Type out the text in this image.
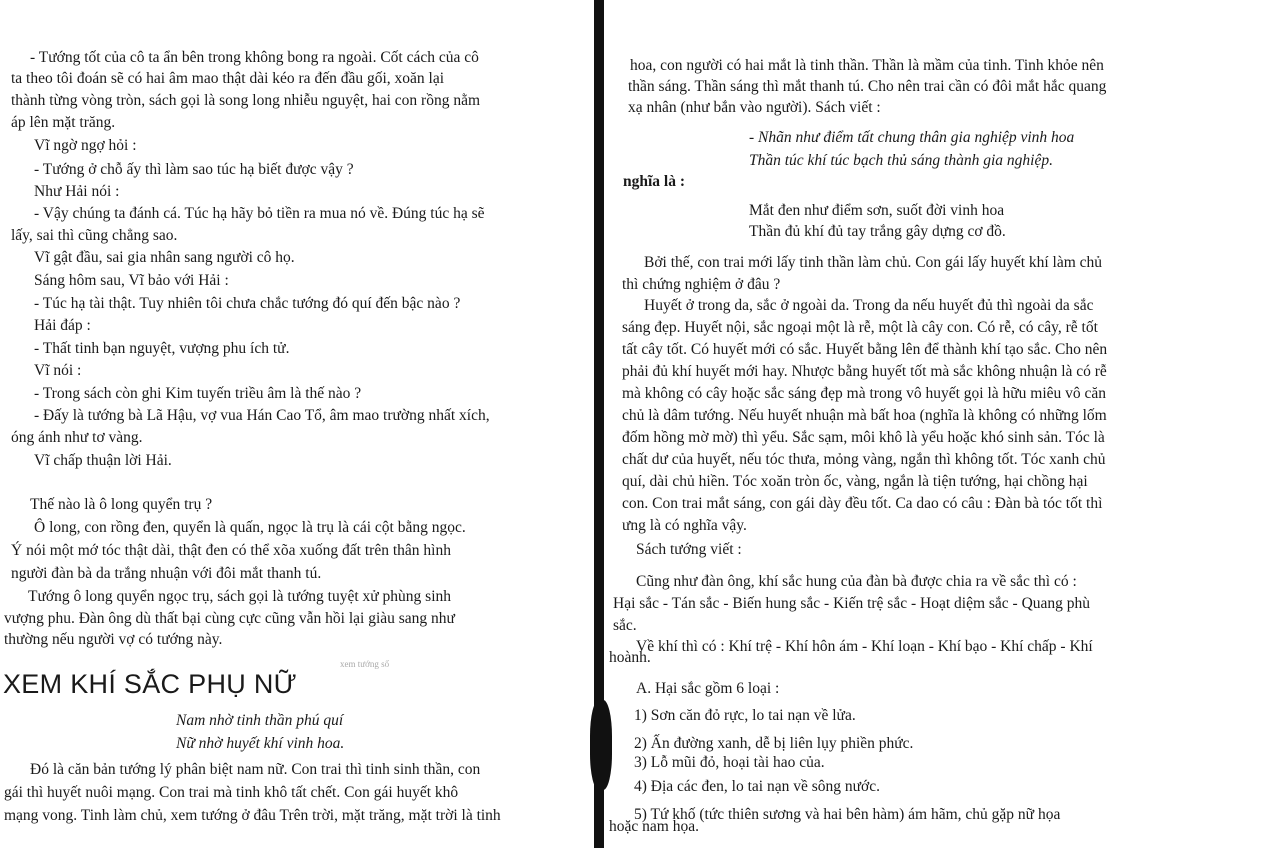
- Tướng tốt của cô ta ẩn bên trong không bong ra ngoài. Cốt cách của cô
ta theo tôi đoán sẽ có hai âm mao thật dài kéo ra đến đầu gối, xoăn lại
thành từng vòng tròn, sách gọi là song long nhiễu nguyệt, hai con rồng nằm
áp lên mặt trăng.
Vĩ ngờ ngợ hỏi :
- Tướng ở chỗ ấy thì làm sao túc hạ biết được vậy ?
Như Hải nói :
- Vậy chúng ta đánh cá. Túc hạ hãy bỏ tiền ra mua nó về. Đúng túc hạ sẽ
lấy, sai thì cũng chẳng sao.
Vĩ gật đầu, sai gia nhân sang người cô họ.
Sáng hôm sau, Vĩ bảo với Hải :
- Túc hạ tài thật. Tuy nhiên tôi chưa chắc tướng đó quí đến bậc nào ?
Hải đáp :
- Thất tinh bạn nguyệt, vượng phu ích tử.
Vĩ nói :
- Trong sách còn ghi Kim tuyến triều âm là thế nào ?
- Đấy là tướng bà Lã Hậu, vợ vua Hán Cao Tổ, âm mao trường nhất xích,
óng ánh như tơ vàng.
Vĩ chấp thuận lời Hải.
Thế nào là ô long quyển trụ ?
Ô long, con rồng đen, quyển là quấn, ngọc là trụ là cái cột bằng ngọc.
Ý nói một mớ tóc thật dài, thật đen có thể xõa xuống đất trên thân hình
người đàn bà da trắng nhuận với đôi mắt thanh tú.
Tướng ô long quyển ngọc trụ, sách gọi là tướng tuyệt xử phùng sinh
vượng phu. Đàn ông dù thất bại cùng cực cũng vẫn hồi lại giàu sang như
thường nếu người vợ có tướng này.
xem tướng số
XEM KHÍ SẮC PHỤ NỮ
Nam nhờ tinh thần phú quí
Nữ nhờ huyết khí vinh hoa.
Đó là căn bản tướng lý phân biệt nam nữ. Con trai thì tinh sinh thần, con
gái thì huyết nuôi mạng. Con trai mà tinh khô tất chết. Con gái huyết khô
mạng vong. Tinh làm chủ, xem tướng ở đâu Trên trời, mặt trăng, mặt trời là tinh
hoa, con người có hai mắt là tinh thần. Thần là mầm của tinh. Tinh khỏe nên
thần sáng. Thần sáng thì mắt thanh tú. Cho nên trai cần có đôi mắt hắc quang
xạ nhân (như bắn vào người). Sách viết :
- Nhãn như điểm tất chung thân gia nghiệp vinh hoa
Thần túc khí túc bạch thủ sáng thành gia nghiệp.
nghĩa là :
Mắt đen như điểm sơn, suốt đời vinh hoa
Thần đủ khí đủ tay trắng gây dựng cơ đồ.
Bởi thế, con trai mới lấy tinh thần làm chủ. Con gái lấy huyết khí làm chủ
thì chứng nghiệm ở đâu ?
Huyết ở trong da, sắc ở ngoài da. Trong da nếu huyết đủ thì ngoài da sắc
sáng đẹp. Huyết nội, sắc ngoại một là rễ, một là cây con. Có rễ, có cây, rễ tốt
tất cây tốt. Có huyết mới có sắc. Huyết bằng lên để thành khí tạo sắc. Cho nên
phải đủ khí huyết mới hay. Nhược bằng huyết tốt mà sắc không nhuận là có rễ
mà không có cây hoặc sắc sáng đẹp mà trong vô huyết gọi là hữu miêu vô căn
chủ là dâm tướng. Nếu huyết nhuận mà bất hoa (nghĩa là không có những lốm
đốm hồng mờ mờ) thì yểu. Sắc sạm, môi khô là yểu hoặc khó sinh sản. Tóc là
chất dư của huyết, nếu tóc thưa, mỏng vàng, ngắn thì không tốt. Tóc xanh chủ
quí, dài chủ hiền. Tóc xoăn tròn ốc, vàng, ngắn là tiện tướng, hại chồng hại
con. Con trai mắt sáng, con gái dày đều tốt. Ca dao có câu : Đàn bà tóc tốt thì
ưng là có nghĩa vậy.
Sách tướng viết :
Cũng như đàn ông, khí sắc hung của đàn bà được chia ra về sắc thì có :
Hại sắc - Tán sắc - Biến hung sắc - Kiến trệ sắc - Hoạt diệm sắc - Quang phù
sắc.
Về khí thì có : Khí trệ - Khí hôn ám - Khí loạn - Khí bạo - Khí chấp - Khí
hoành.
A. Hại sắc gồm 6 loại :
1) Sơn căn đỏ rực, lo tai nạn về lửa.
2) Ấn đường xanh, dễ bị liên lụy phiền phức.
3) Lỗ mũi đỏ, hoại tài hao của.
4) Địa các đen, lo tai nạn về sông nước.
5) Tứ khố (tức thiên sương và hai bên hàm) ám hãm, chủ gặp nữ họa
hoặc nam họa.
